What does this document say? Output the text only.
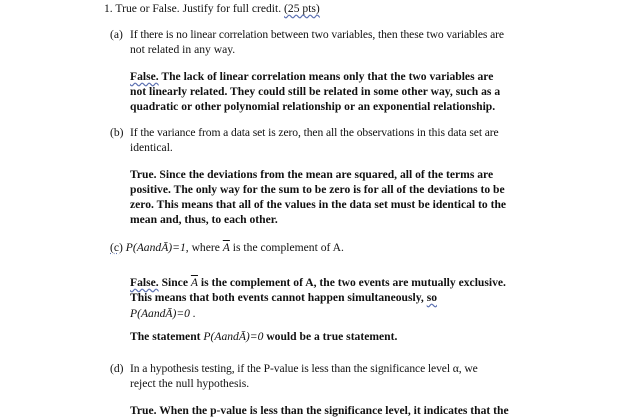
1. True or False. Justify for full credit. (25 pts)
(a) If there is no linear correlation between two variables, then these two variables are
not related in any way.
False. The lack of linear correlation means only that the two variables are
not linearly related. They could still be related in some other way, such as a
quadratic or other polynomial relationship or an exponential relationship.
(b) If the variance from a data set is zero, then all the observations in this data set are
identical.
True. Since the deviations from the mean are squared, all of the terms are
positive. The only way for the sum to be zero is for all of the deviations to be
zero. This means that all of the values in the data set must be identical to the
mean and, thus, to each other.
(c) P(AandĀ)=1, where $\overline{A}$ is the complement of A.
False. Since $\overline{A}$ is the complement of A, the two events are mutually exclusive.
This means that both events cannot happen simultaneously, so
P(AandĀ)=0 .
The statement P(AandĀ)=0 would be a true statement.
(d) In a hypothesis testing, if the P-value is less than the significance level α, we
reject the null hypothesis.
True. When the p-value is less than the significance level, it indicates that the
